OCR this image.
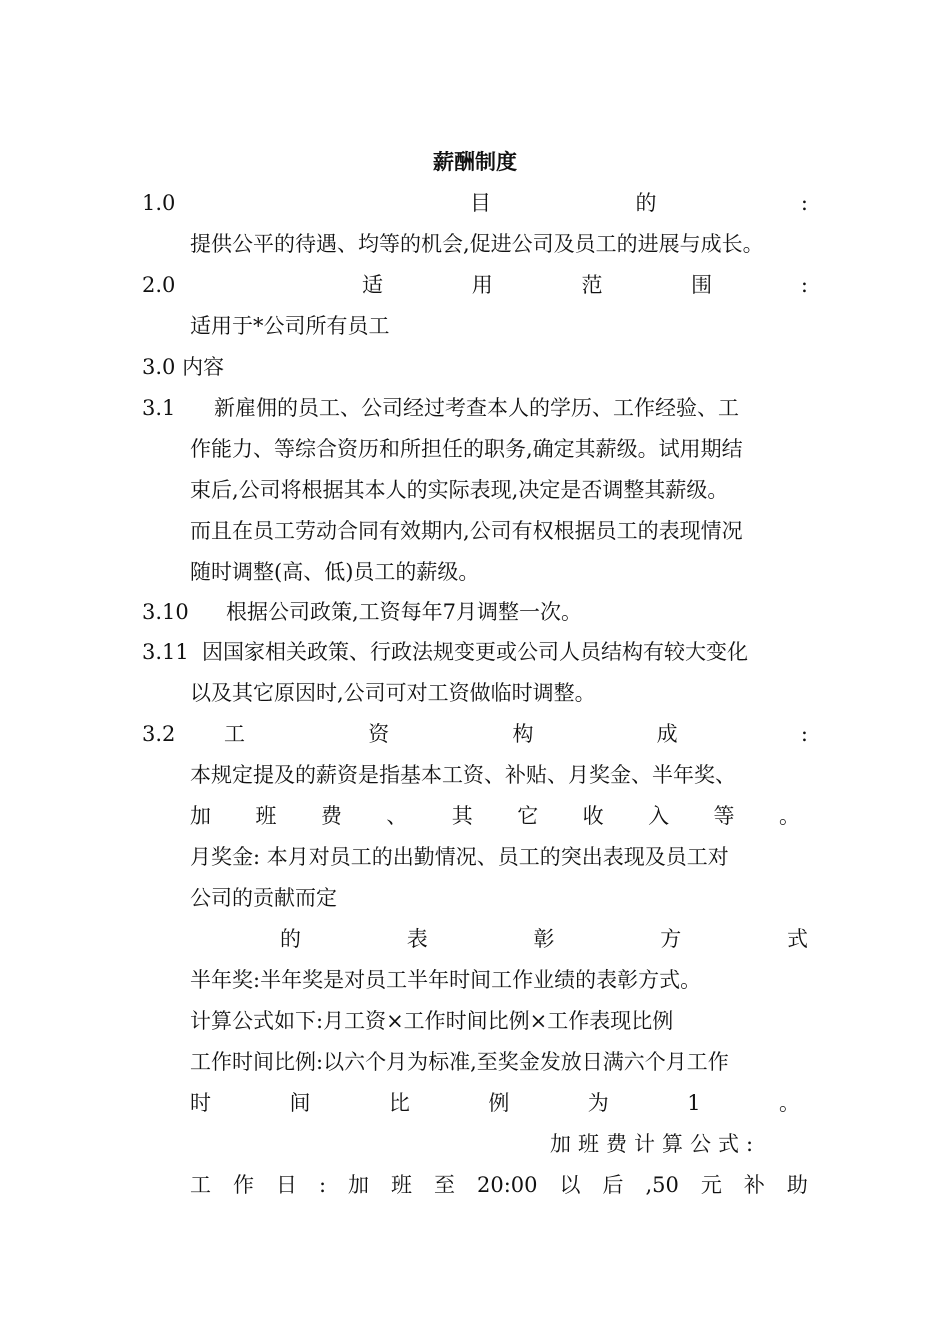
薪酬制度
1.0	目	的	:
提供公平的待遇、均等的机会,促进公司及员工的进展与成长。
2.0	适	用	范	围	:
适用于*公司所有员工
3.0 内容
3.1 新雇佣的员工、公司经过考查本人的学历、工作经验、工
作能力、等综合资历和所担任的职务,确定其薪级。试用期结
束后,公司将根据其本人的实际表现,决定是否调整其薪级。
而且在员工劳动合同有效期内,公司有权根据员工的表现情况
随时调整(高、低)员工的薪级。
3.10 根据公司政策,工资每年7月调整一次。
3.11 因国家相关政策、行政法规变更或公司人员结构有较大变化
以及其它原因时,公司可对工资做临时调整。
3.2 工	资	构	成	:
本规定提及的薪资是指基本工资、补贴、月奖金、半年奖、
加 班 费 、 其 它 收 入 等 。
月奖金: 本月对员工的出勤情况、员工的突出表现及员工对
公司的贡献而定
的	表	彰	方	式
半年奖:半年奖是对员工半年时间工作业绩的表彰方式。
计算公式如下:月工资×工作时间比例×工作表现比例
工作时间比例:以六个月为标准,至奖金发放日满六个月工作
时	间	比	例	为	1	。
加班费计算公式:
工 作 日 : 加 班 至 20:00 以 后 ,50 元 补 助
